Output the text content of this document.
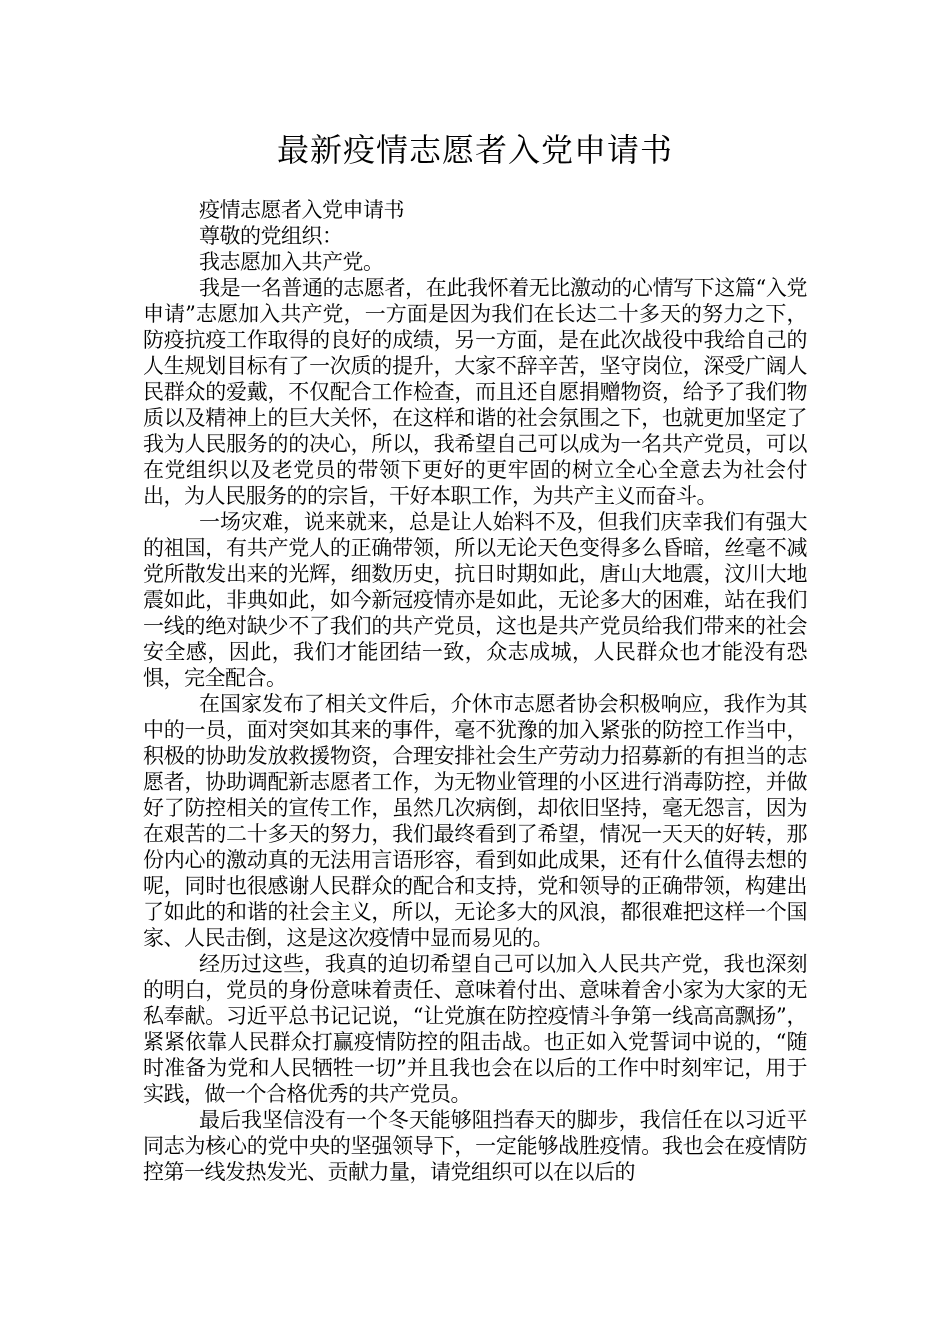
最新疫情志愿者入党申请书

疫情志愿者入党申请书

尊敬的党组织：

我志愿加入共产党。

我是一名普通的志愿者，在此我怀着无比激动的心情写下这篇“入党申请”志愿加入共产党，一方面是因为我们在长达二十多天的努力之下，防疫抗疫工作取得的良好的成绩，另一方面，是在此次战役中我给自己的人生规划目标有了一次质的提升，大家不辞辛苦，坚守岗位，深受广阔人民群众的爱戴，不仅配合工作检查，而且还自愿捐赠物资，给予了我们物质以及精神上的巨大关怀，在这样和谐的社会氛围之下，也就更加坚定了我为人民服务的的决心，所以，我希望自己可以成为一名共产党员，可以在党组织以及老党员的带领下更好的更牢固的树立全心全意去为社会付出，为人民服务的的宗旨，干好本职工作，为共产主义而奋斗。

一场灾难，说来就来，总是让人始料不及，但我们庆幸我们有强大的祖国，有共产党人的正确带领，所以无论天色变得多么昏暗，丝毫不减党所散发出来的光辉，细数历史，抗日时期如此，唐山大地震，汶川大地震如此，非典如此，如今新冠疫情亦是如此，无论多大的困难，站在我们一线的绝对缺少不了我们的共产党员，这也是共产党员给我们带来的社会安全感，因此，我们才能团结一致，众志成城，人民群众也才能没有恐惧，完全配合。

在国家发布了相关文件后，介休市志愿者协会积极响应，我作为其中的一员，面对突如其来的事件，毫不犹豫的加入紧张的防控工作当中，积极的协助发放救援物资，合理安排社会生产劳动力招募新的有担当的志愿者，协助调配新志愿者工作，为无物业管理的小区进行消毒防控，并做好了防控相关的宣传工作，虽然几次病倒，却依旧坚持，毫无怨言，因为在艰苦的二十多天的努力，我们最终看到了希望，情况一天天的好转，那份内心的激动真的无法用言语形容，看到如此成果，还有什么值得去想的呢，同时也很感谢人民群众的配合和支持，党和领导的正确带领，构建出了如此的和谐的社会主义，所以，无论多大的风浪，都很难把这样一个国家、人民击倒，这是这次疫情中显而易见的。

经历过这些，我真的迫切希望自己可以加入人民共产党，我也深刻的明白，党员的身份意味着责任、意味着付出、意味着舍小家为大家的无私奉献。习近平总书记记说，“让党旗在防控疫情斗争第一线高高飘扬”，紧紧依靠人民群众打赢疫情防控的阻击战。也正如入党誓词中说的，“随时准备为党和人民牺牲一切”并且我也会在以后的工作中时刻牢记，用于实践，做一个合格优秀的共产党员。

最后我坚信没有一个冬天能够阻挡春天的脚步，我信任在以习近平同志为核心的党中央的坚强领导下，一定能够战胜疫情。我也会在疫情防控第一线发热发光、贡献力量，请党组织可以在以后的
